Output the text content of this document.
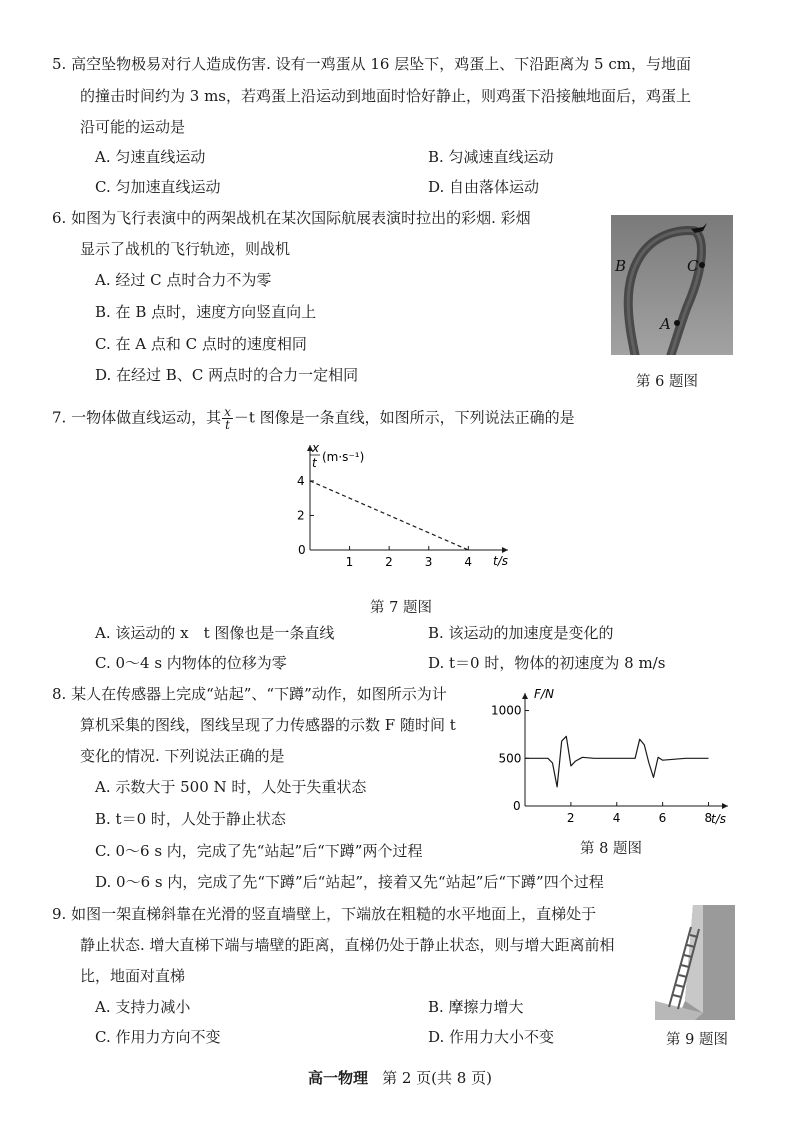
5. 高空坠物极易对行人造成伤害. 设有一鸡蛋从 16 层坠下，鸡蛋上、下沿距离为 5 cm，与地面
的撞击时间约为 3 ms，若鸡蛋上沿运动到地面时恰好静止，则鸡蛋下沿接触地面后，鸡蛋上
沿可能的运动是
A. 匀速直线运动	B. 匀减速直线运动
C. 匀加速直线运动	D. 自由落体运动
6. 如图为飞行表演中的两架战机在某次国际航展表演时拉出的彩烟. 彩烟
显示了战机的飞行轨迹，则战机
A. 经过 C 点时合力不为零
B. 在 B 点时，速度方向竖直向上
C. 在 A 点和 C 点时的速度相同
D. 在经过 B、C 两点时的合力一定相同
B	C
A
第 6 题图
7. 一物体做直线运动，其 $\frac{x}{t} -t$ 图像是一条直线，如图所示，下列说法正确的是
0
1	2	3	4
2
4
x
t (m·s⁻¹)
t/s
第 7 题图
A. 该运动的 x　t 图像也是一条直线	B. 该运动的加速度是变化的
C. 0～4 s 内物体的位移为零	D. t＝0 时，物体的初速度为 8 m/s
8. 某人在传感器上完成“站起”、“下蹲”动作，如图所示为计
算机采集的图线，图线呈现了力传感器的示数 F 随时间 t
变化的情况. 下列说法正确的是
A. 示数大于 500 N 时，人处于失重状态
B. t＝0 时，人处于静止状态
C. 0～6 s 内，完成了先“站起”后“下蹲”两个过程
D. 0～6 s 内，完成了先“下蹲”后“站起”，接着又先“站起”后“下蹲”四个过程
0
2	4	6	8
500
1000
F/N
t/s
第 8 题图
9. 如图一架直梯斜靠在光滑的竖直墙壁上，下端放在粗糙的水平地面上，直梯处于
静止状态. 增大直梯下端与墙壁的距离，直梯仍处于静止状态，则与增大距离前相
比，地面对直梯
A. 支持力减小	B. 摩擦力增大
C. 作用力方向不变	D. 作用力大小不变	第 9 题图
高一物理 第 2 页(共 8 页)
